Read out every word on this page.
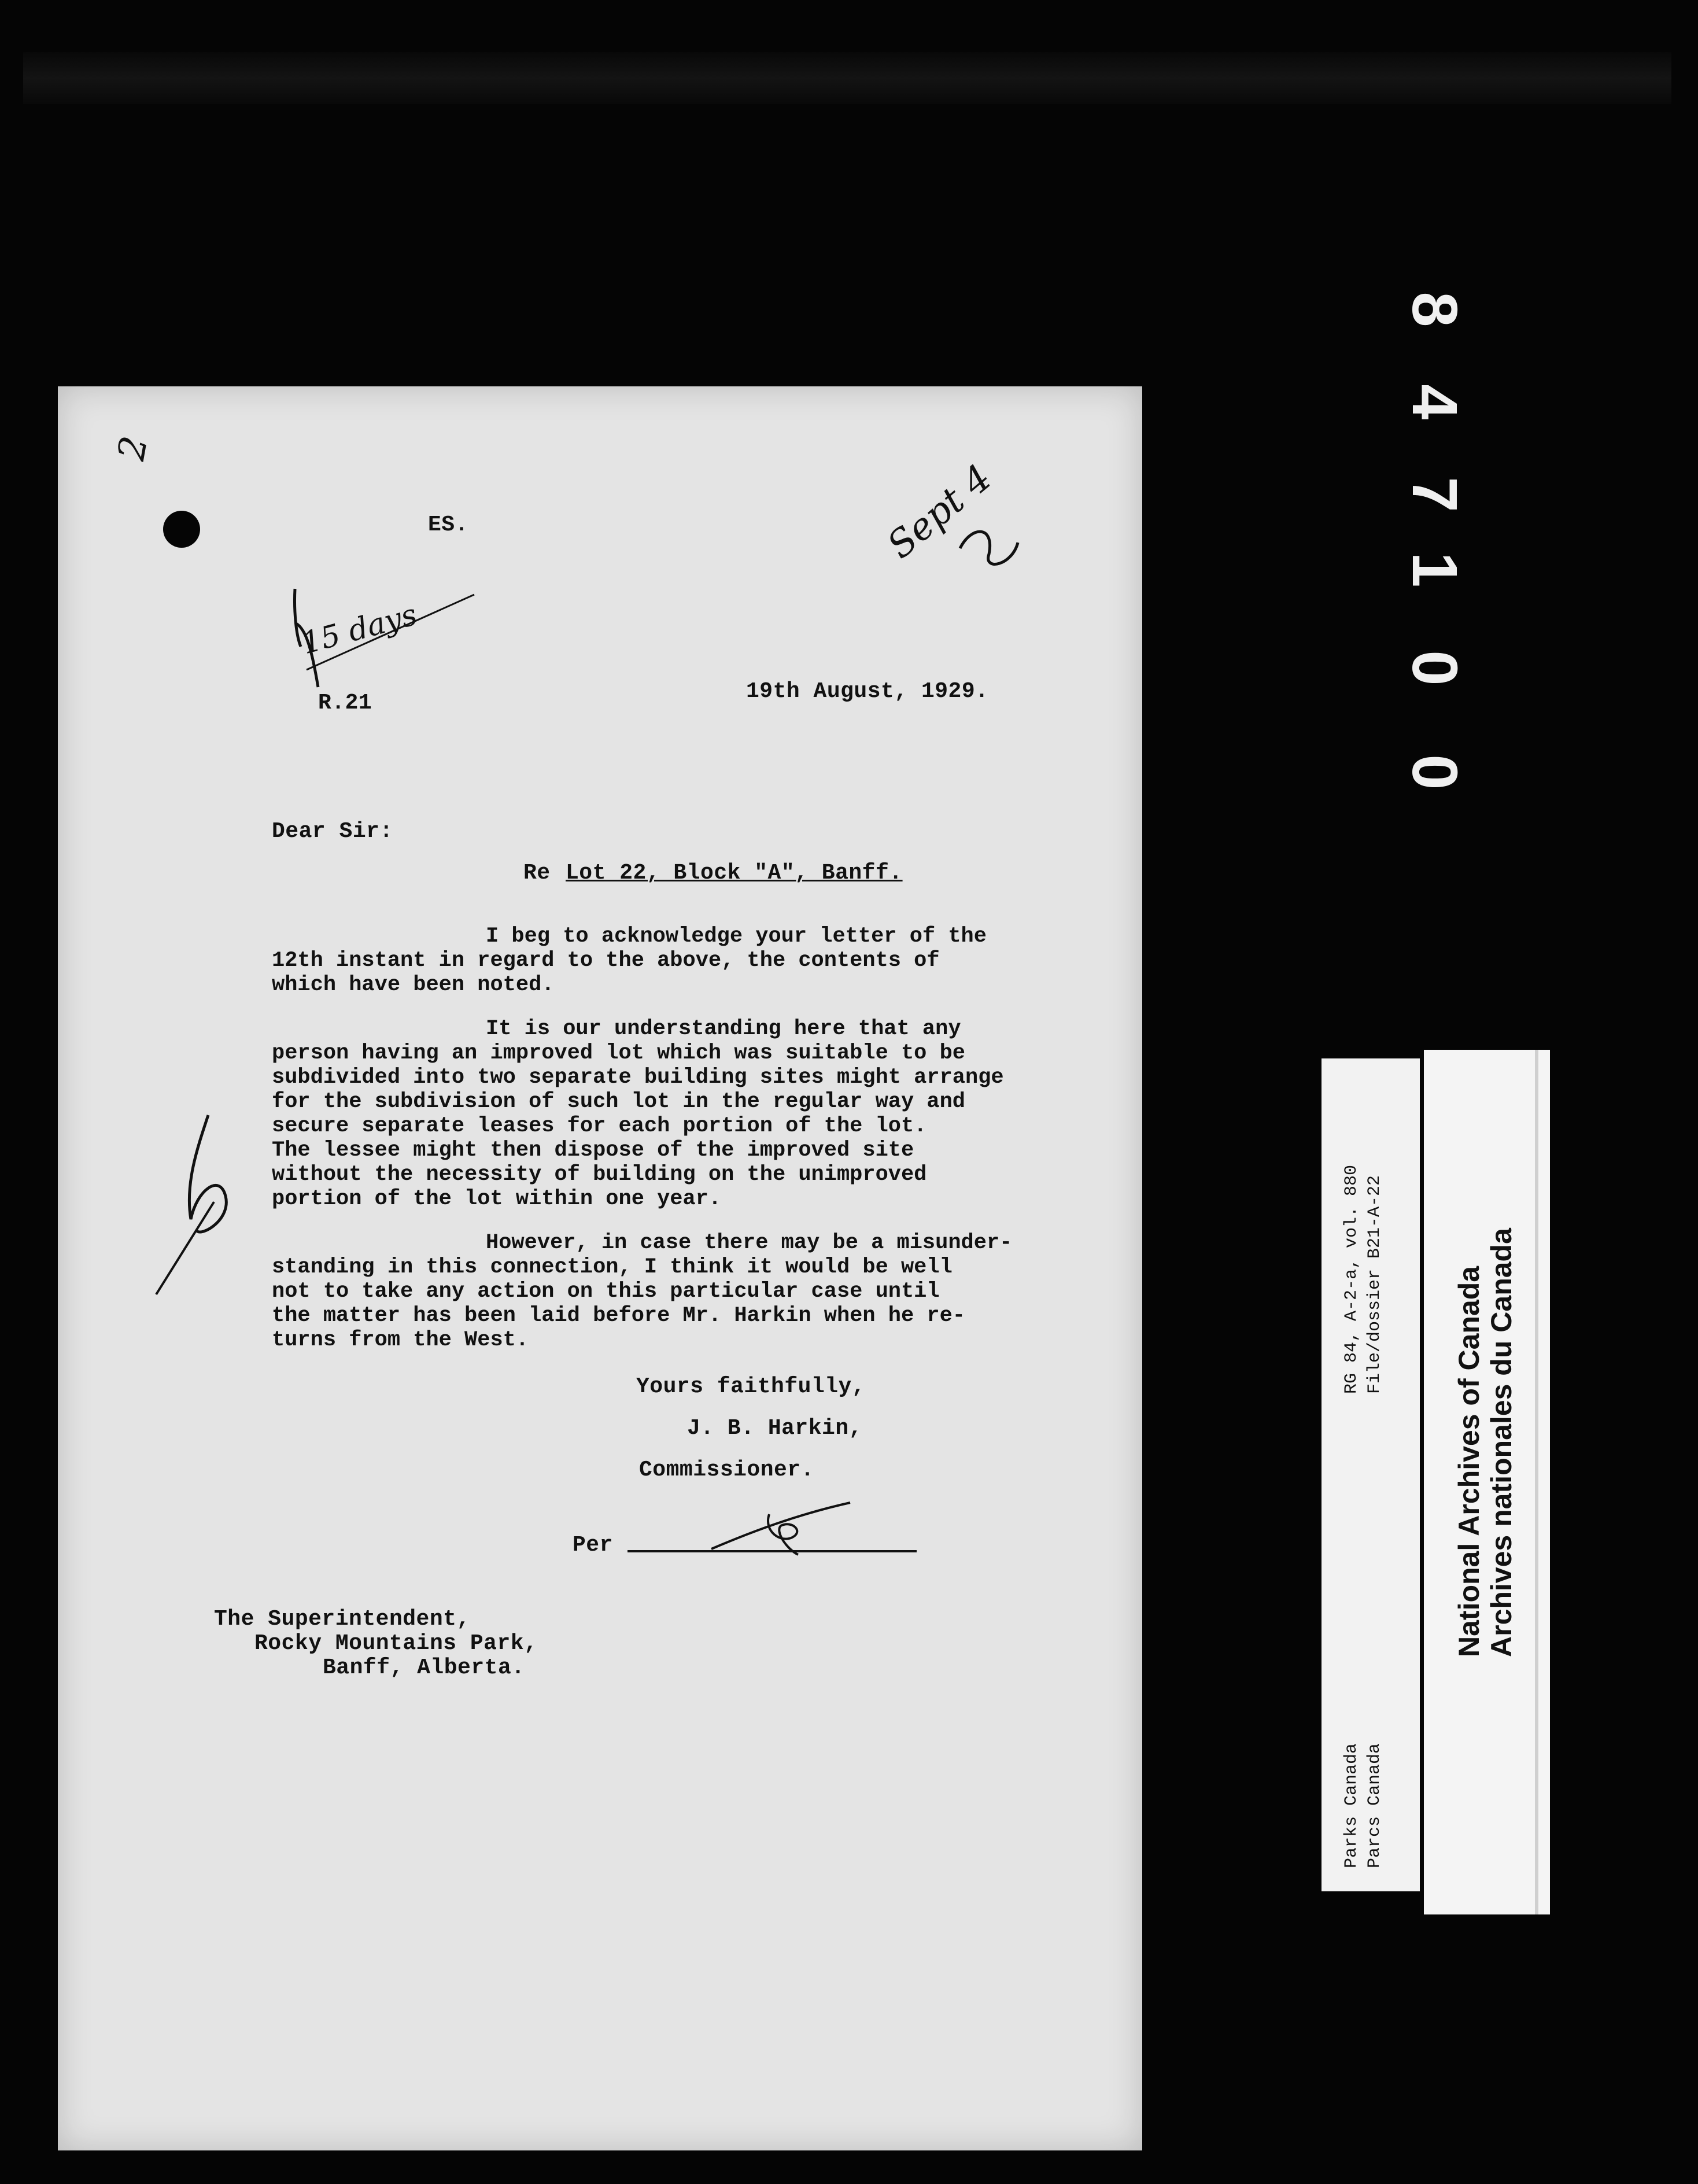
8
4
7
1
0
0
2
15 days
Sept 4
ES.
R.21	19th August, 1929.
Dear Sir:
Re Lot 22, Block "A", Banff.
I beg to acknowledge your letter of the
12th instant in regard to the above, the contents of
which have been noted.
It is our understanding here that any
person having an improved lot which was suitable to be
subdivided into two separate building sites might arrange
for the subdivision of such lot in the regular way and
secure separate leases for each portion of the lot.
The lessee might then dispose of the improved site
without the necessity of building on the unimproved
portion of the lot within one year.
However, in case there may be a misunder-
standing in this connection, I think it would be well
not to take any action on this particular case until
the matter has been laid before Mr. Harkin when he re-
turns from the West.
Yours faithfully,
J. B. Harkin,
Commissioner.
Per
The Superintendent,
Rocky Mountains Park,
Banff, Alberta.
RG 84, A-2-a, vol. 880 File/dossier B21-A-22
Parks Canada Parcs Canada
National Archives of Canada Archives nationales du Canada
